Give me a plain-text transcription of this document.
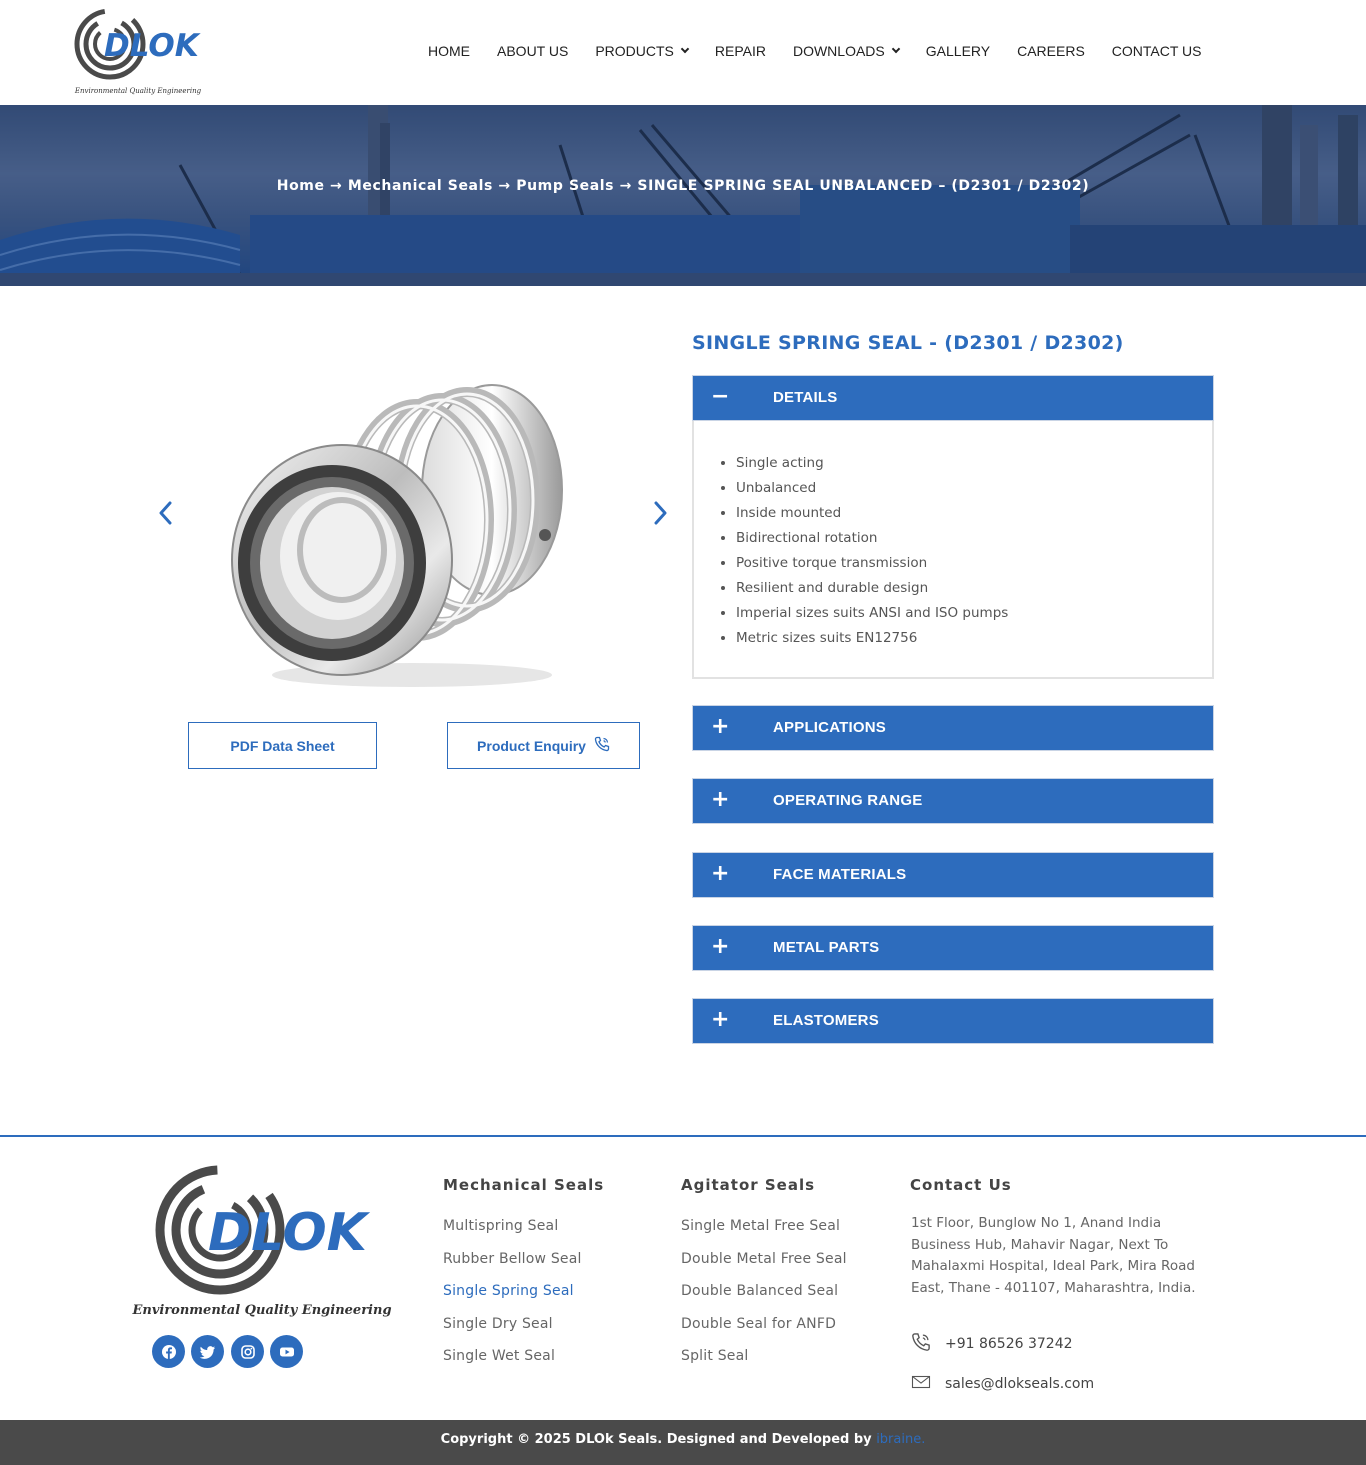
DLOK
Environmental Quality Engineering
HOME ABOUT US PRODUCTS	REPAIR DOWNLOADS	GALLERY CAREERS CONTACT US
Home → Mechanical Seals → Pump Seals → SINGLE SPRING SEAL UNBALANCED – (D2301 / D2302)
PDF Data Sheet	Product Enquiry
SINGLE SPRING SEAL - (D2301 / D2302)
−	DETAILS
• Single acting
• Unbalanced
• Inside mounted
• Bidirectional rotation
• Positive torque transmission
• Resilient and durable design
• Imperial sizes suits ANSI and ISO pumps
• Metric sizes suits EN12756
+	APPLICATIONS
+	OPERATING RANGE
+	FACE MATERIALS
+	METAL PARTS
+	ELASTOMERS
DLOK
Environmental Quality Engineering
Mechanical Seals
Multispring Seal
Rubber Bellow Seal
Single Spring Seal
Single Dry Seal
Single Wet Seal
Agitator Seals
Single Metal Free Seal
Double Metal Free Seal
Double Balanced Seal
Double Seal for ANFD
Split Seal
Contact Us
1st Floor, Bunglow No 1, Anand India Business Hub, Mahavir Nagar, Next To Mahalaxmi Hospital, Ideal Park, Mira Road East, Thane - 401107, Maharashtra, India.
+91 86526 37242
sales@dlokseals.com
Copyright © 2025 DLOk Seals. Designed and Developed by ibraine.
